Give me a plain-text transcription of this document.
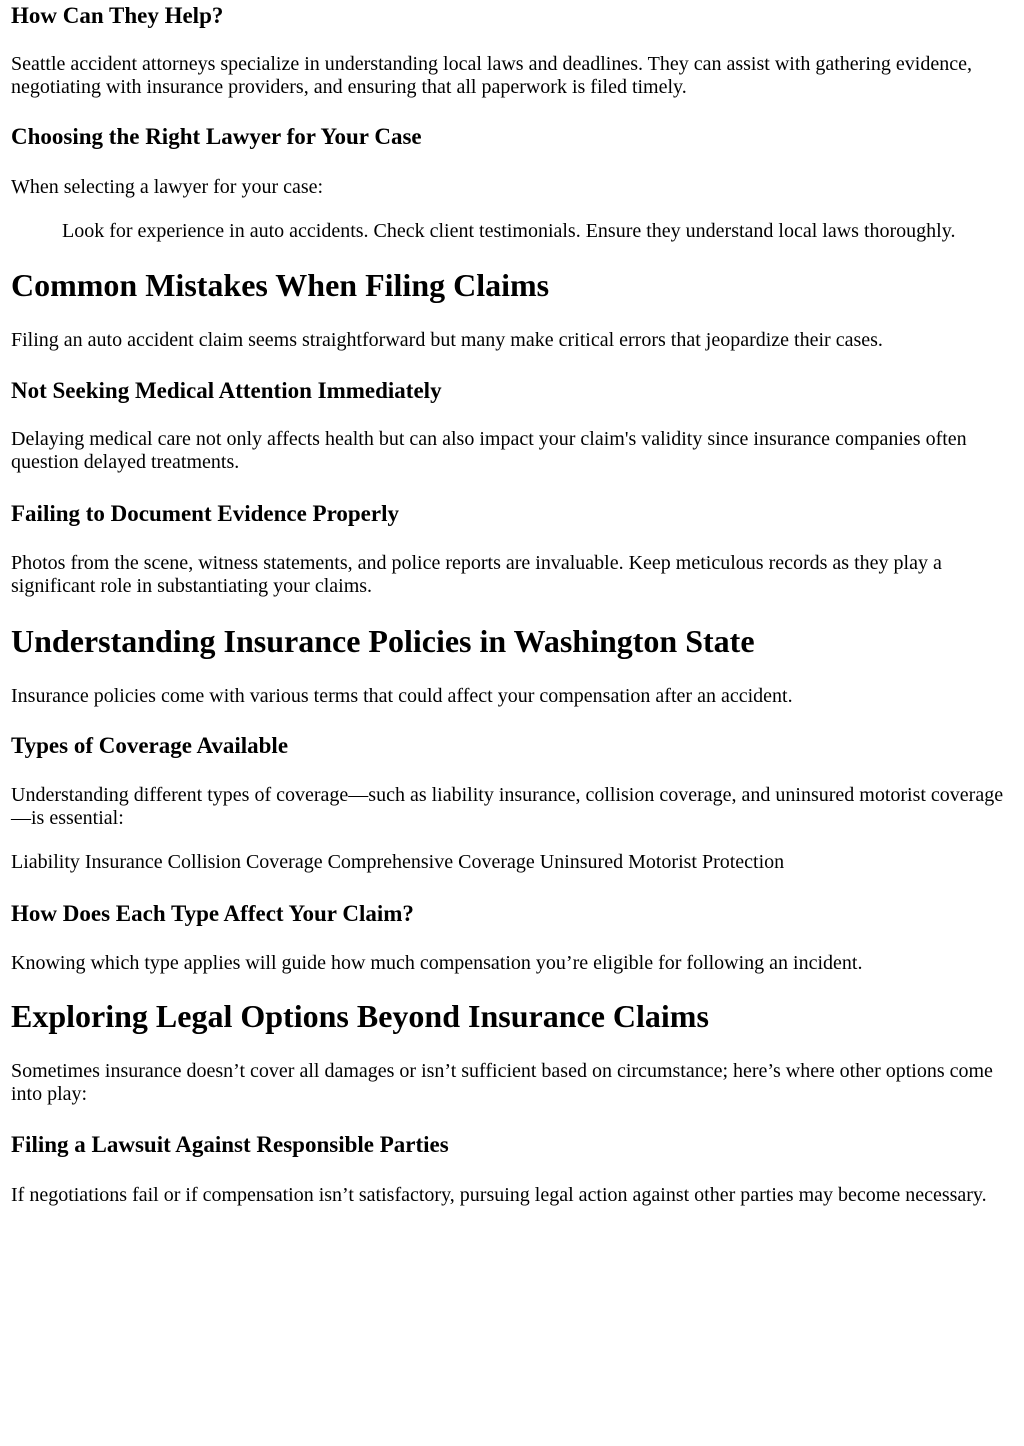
How Can They Help?

Seattle accident attorneys specialize in understanding local laws and deadlines. They can assist with gathering evidence, negotiating with insurance providers, and ensuring that all paperwork is filed timely.

Choosing the Right Lawyer for Your Case

When selecting a lawyer for your case:

Look for experience in auto accidents. Check client testimonials. Ensure they understand local laws thoroughly.

Common Mistakes When Filing Claims

Filing an auto accident claim seems straightforward but many make critical errors that jeopardize their cases.

Not Seeking Medical Attention Immediately

Delaying medical care not only affects health but can also impact your claim's validity since insurance companies often question delayed treatments.

Failing to Document Evidence Properly

Photos from the scene, witness statements, and police reports are invaluable. Keep meticulous records as they play a significant role in substantiating your claims.

Understanding Insurance Policies in Washington State

Insurance policies come with various terms that could affect your compensation after an accident.

Types of Coverage Available

Understanding different types of coverage—such as liability insurance, collision coverage, and uninsured motorist coverage—is essential:

Liability Insurance Collision Coverage Comprehensive Coverage Uninsured Motorist Protection

How Does Each Type Affect Your Claim?

Knowing which type applies will guide how much compensation you’re eligible for following an incident.

Exploring Legal Options Beyond Insurance Claims

Sometimes insurance doesn’t cover all damages or isn’t sufficient based on circumstance; here’s where other options come into play:

Filing a Lawsuit Against Responsible Parties

If negotiations fail or if compensation isn’t satisfactory, pursuing legal action against other parties may become necessary.
